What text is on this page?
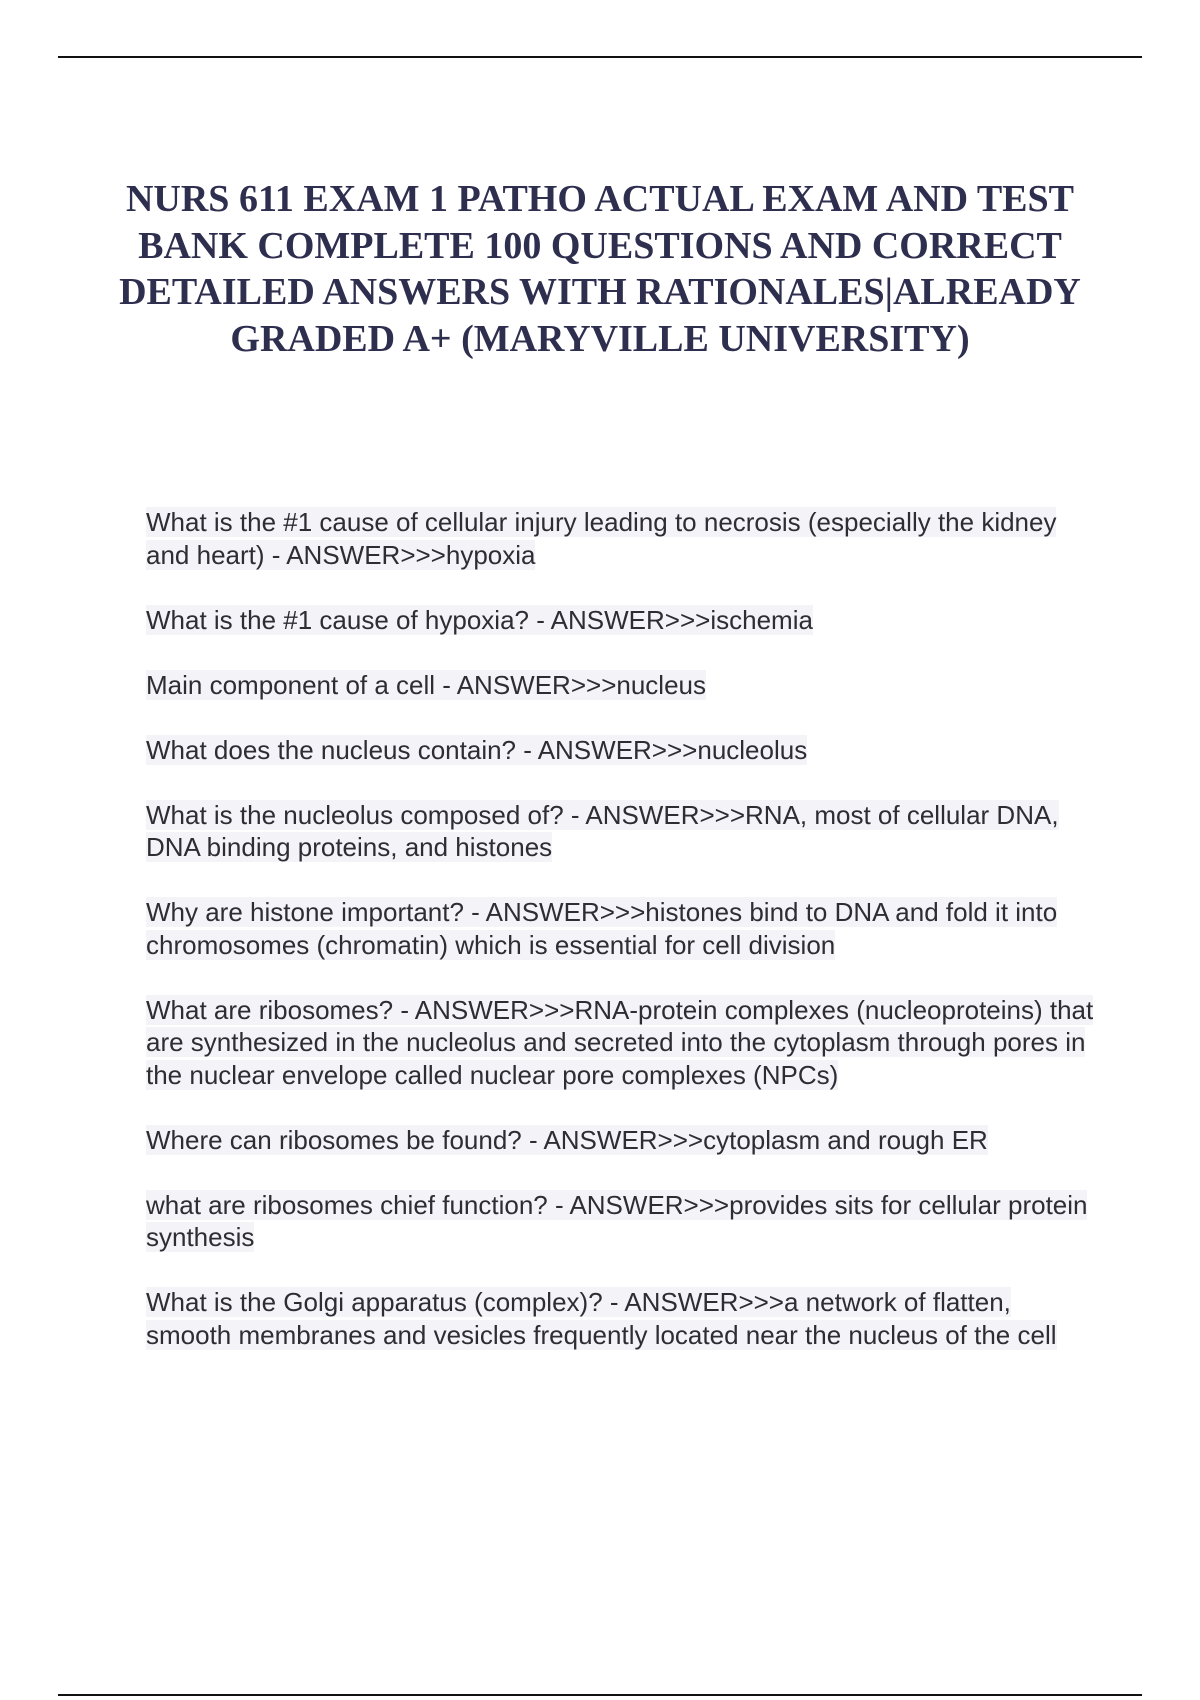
NURS 611 EXAM 1 PATHO ACTUAL EXAM AND TEST BANK COMPLETE 100 QUESTIONS AND CORRECT DETAILED ANSWERS WITH RATIONALES|ALREADY GRADED A+ (MARYVILLE UNIVERSITY)
What is the #1 cause of cellular injury leading to necrosis (especially the kidney and heart) - ANSWER>>>hypoxia
What is the #1 cause of hypoxia? - ANSWER>>>ischemia
Main component of a cell - ANSWER>>>nucleus
What does the nucleus contain? - ANSWER>>>nucleolus
What is the nucleolus composed of? - ANSWER>>>RNA, most of cellular DNA, DNA binding proteins, and histones
Why are histone important? - ANSWER>>>histones bind to DNA and fold it into chromosomes (chromatin) which is essential for cell division
What are ribosomes? - ANSWER>>>RNA-protein complexes (nucleoproteins) that are synthesized in the nucleolus and secreted into the cytoplasm through pores in the nuclear envelope called nuclear pore complexes (NPCs)
Where can ribosomes be found? - ANSWER>>>cytoplasm and rough ER
what are ribosomes chief function? - ANSWER>>>provides sits for cellular protein synthesis
What is the Golgi apparatus (complex)? - ANSWER>>>a network of flatten, smooth membranes and vesicles frequently located near the nucleus of the cell
